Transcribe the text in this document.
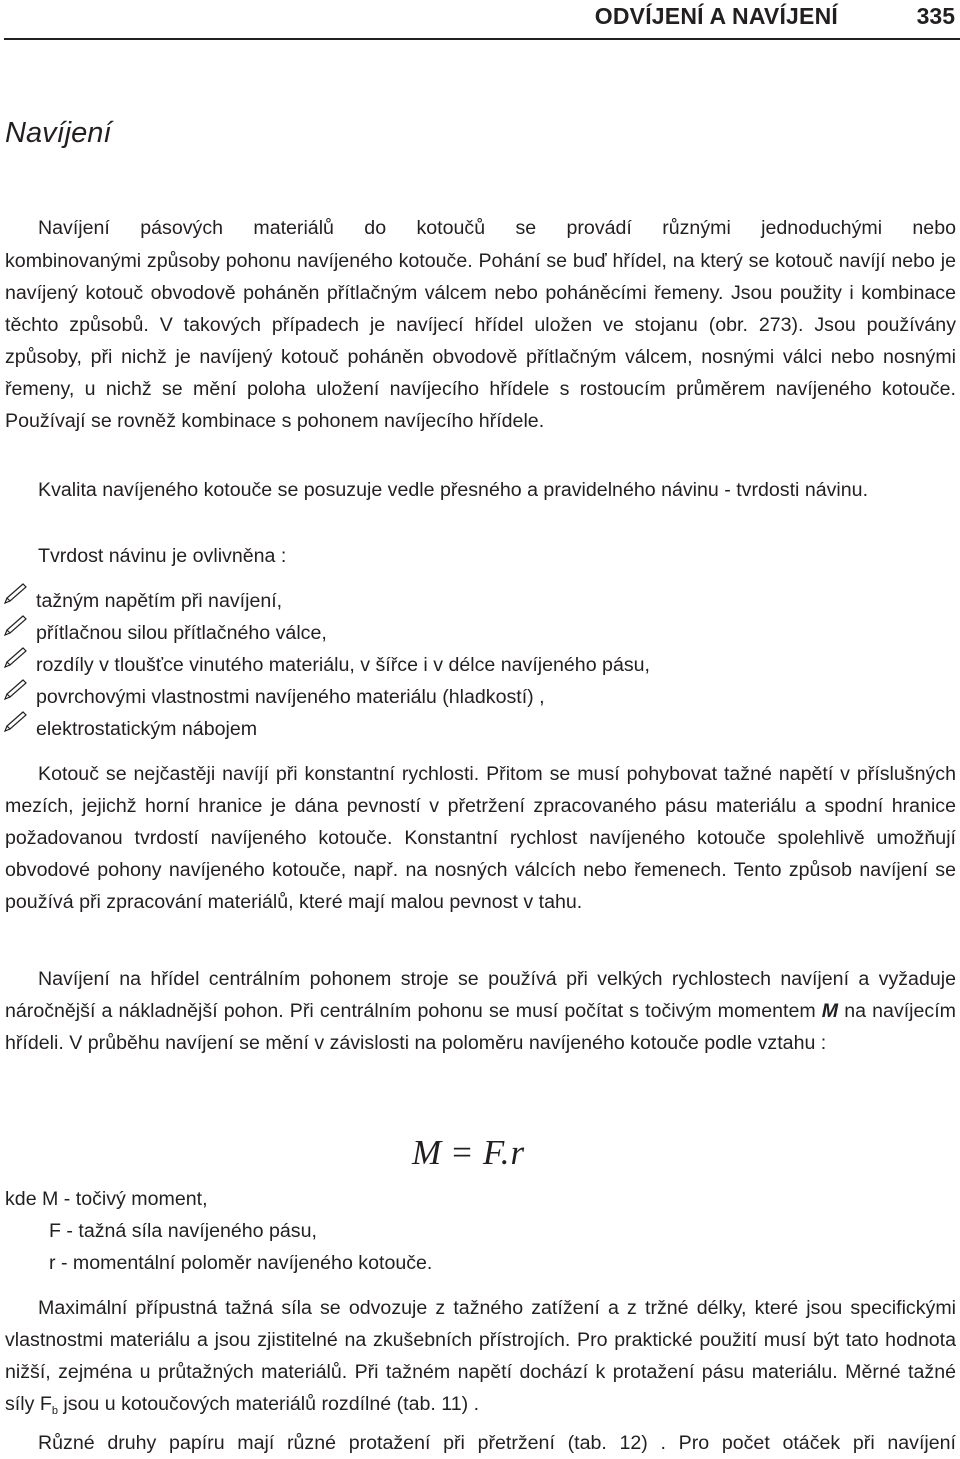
ODVÍJENÍ A NAVÍJENÍ	335
Navíjení
Navíjení pásových materiálů do kotoučů se provádí různými jednoduchými nebo
kombinovanými způsoby pohonu navíjeného kotouče. Pohání se buď hřídel, na který se kotouč navíjí nebo je navíjený kotouč obvodově poháněn přítlačným válcem nebo poháněcími řemeny. Jsou použity i kombinace těchto způsobů. V takových případech je navíjecí hřídel uložen ve stojanu (obr. 273). Jsou používány způsoby, při nichž je navíjený kotouč poháněn obvodově přítlačným válcem, nosnými válci nebo nosnými řemeny, u nichž se mění poloha uložení navíjecího hřídele s rostoucím průměrem navíjeného kotouče. Používají se rovněž kombinace s pohonem navíjecího hřídele.
Kvalita navíjeného kotouče se posuzuje vedle přesného a pravidelného návinu - tvrdosti návinu.
Tvrdost návinu je ovlivněna :
tažným napětím při navíjení,
přítlačnou silou přítlačného válce,
rozdíly v tloušťce vinutého materiálu, v šířce i v délce navíjeného pásu,
povrchovými vlastnostmi navíjeného materiálu (hladkostí) ,
elektrostatickým nábojem
Kotouč se nejčastěji navíjí při konstantní rychlosti. Přitom se musí pohybovat tažné napětí v příslušných mezích, jejichž horní hranice je dána pevností v přetržení zpracovaného pásu materiálu a spodní hranice požadovanou tvrdostí navíjeného kotouče. Konstantní rychlost navíjeného kotouče spolehlivě umožňují obvodové pohony navíjeného kotouče, např. na nosných válcích nebo řemenech. Tento způsob navíjení se používá při zpracování materiálů, které mají malou pevnost v tahu.
Navíjení na hřídel centrálním pohonem stroje se používá při velkých rychlostech navíjení a vyžaduje náročnější a nákladnější pohon. Při centrálním pohonu se musí počítat s točivým momentem M na navíjecím hřídeli. V průběhu navíjení se mění v závislosti na poloměru navíjeného kotouče podle vztahu :
M = F.r
kde M - točivý moment,
F - tažná síla navíjeného pásu,
r - momentální poloměr navíjeného kotouče.
Maximální přípustná tažná síla se odvozuje z tažného zatížení a z tržné délky, které jsou specifickými vlastnostmi materiálu a jsou zjistitelné na zkušebních přístrojích. Pro praktické použití musí být tato hodnota nižší, zejména u průtažných materiálů. Při tažném napětí dochází k protažení pásu materiálu. Měrné tažné síly $F_b$ jsou u kotoučových materiálů rozdílné (tab. 11) .
Různé druhy papíru mají různé protažení při přetržení (tab. 12) . Pro počet otáček při navíjení
